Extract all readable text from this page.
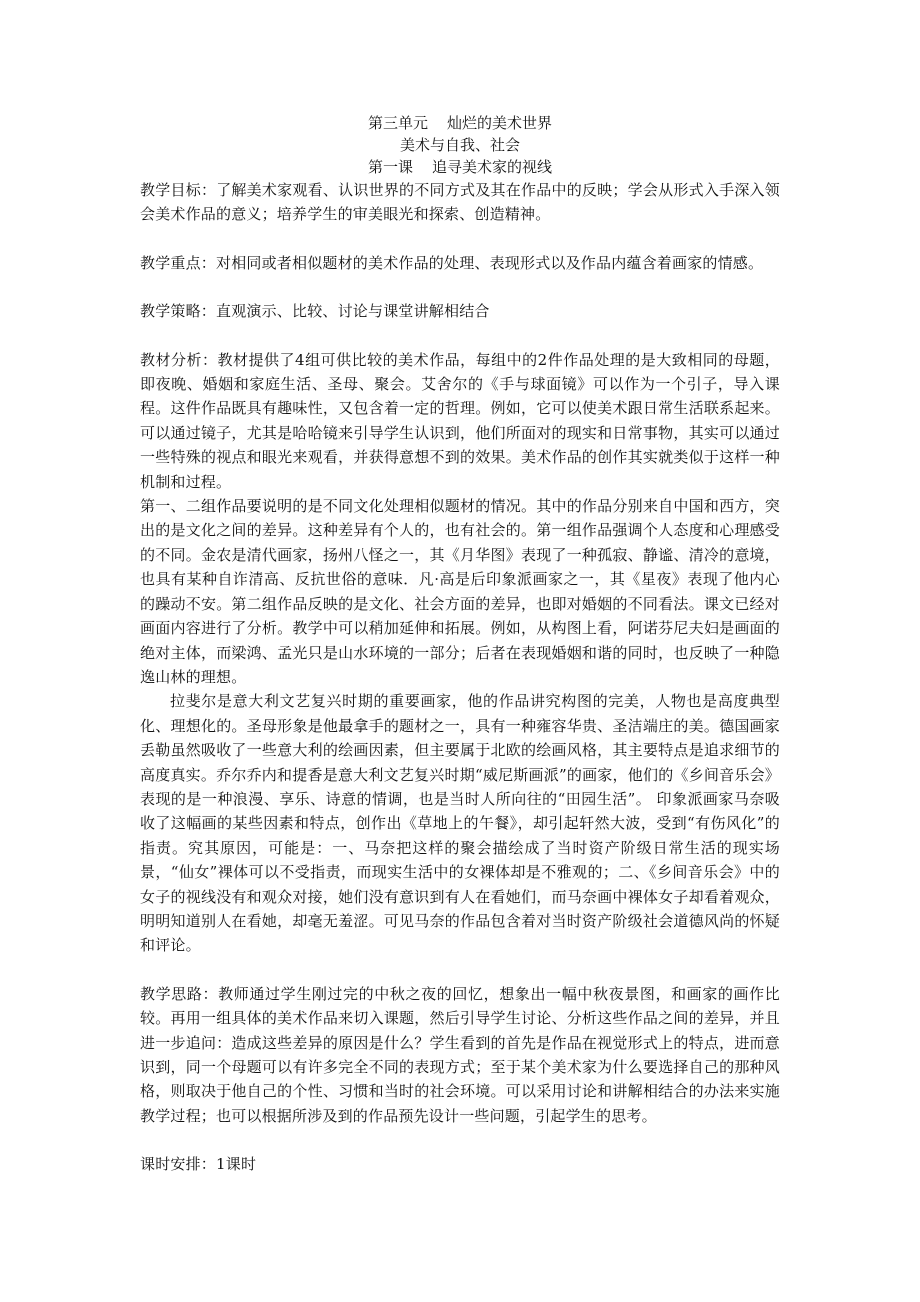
第三单元    灿烂的美术世界

美术与自我、社会

第一课    追寻美术家的视线

教学目标：了解美术家观看、认识世界的不同方式及其在作品中的反映；学会从形式入手深入领会美术作品的意义；培养学生的审美眼光和探索、创造精神。

教学重点：对相同或者相似题材的美术作品的处理、表现形式以及作品内蕴含着画家的情感。

教学策略：直观演示、比较、讨论与课堂讲解相结合

教材分析：教材提供了4组可供比较的美术作品，每组中的2件作品处理的是大致相同的母题，即夜晚、婚姻和家庭生活、圣母、聚会。艾舍尔的《手与球面镜》可以作为一个引子，导入课程。这件作品既具有趣味性，又包含着一定的哲理。例如，它可以使美术跟日常生活联系起来。可以通过镜子，尤其是哈哈镜来引导学生认识到，他们所面对的现实和日常事物，其实可以通过一些特殊的视点和眼光来观看，并获得意想不到的效果。美术作品的创作其实就类似于这样一种机制和过程。

第一、二组作品要说明的是不同文化处理相似题材的情况。其中的作品分别来自中国和西方，突出的是文化之间的差异。这种差异有个人的，也有社会的。第一组作品强调个人态度和心理感受的不同。金农是清代画家，扬州八怪之一，其《月华图》表现了一种孤寂、静谧、清冷的意境，也具有某种自诈清高、反抗世俗的意味．凡·高是后印象派画家之一，其《星夜》表现了他内心的躁动不安。第二组作品反映的是文化、社会方面的差异，也即对婚姻的不同看法。课文已经对画面内容进行了分析。教学中可以稍加延伸和拓展。例如，从构图上看，阿诺芬尼夫妇是画面的绝对主体，而梁鸿、孟光只是山水环境的一部分；后者在表现婚姻和谐的同时，也反映了一种隐逸山林的理想。

拉斐尔是意大利文艺复兴时期的重要画家，他的作品讲究构图的完美，人物也是高度典型化、理想化的。圣母形象是他最拿手的题材之一，具有一种雍容华贵、圣洁端庄的美。德国画家丢勒虽然吸收了一些意大利的绘画因素，但主要属于北欧的绘画风格，其主要特点是追求细节的高度真实。乔尔乔内和提香是意大利文艺复兴时期“威尼斯画派”的画家，他们的《乡间音乐会》表现的是一种浪漫、享乐、诗意的情调，也是当时人所向往的“田园生活”。 印象派画家马奈吸收了这幅画的某些因素和特点，创作出《草地上的午餐》，却引起轩然大波，受到“有伤风化”的指责。究其原因，可能是：一、马奈把这样的聚会描绘成了当时资产阶级日常生活的现实场景，“仙女”裸体可以不受指责，而现实生活中的女裸体却是不雅观的；二、《乡间音乐会》中的女子的视线没有和观众对接，她们没有意识到有人在看她们，而马奈画中裸体女子却看着观众，明明知道别人在看她，却毫无羞涩。可见马奈的作品包含着对当时资产阶级社会道德风尚的怀疑和评论。

教学思路：教师通过学生刚过完的中秋之夜的回忆，想象出一幅中秋夜景图，和画家的画作比较。再用一组具体的美术作品来切入课题，然后引导学生讨论、分析这些作品之间的差异，并且进一步追问：造成这些差异的原因是什么？学生看到的首先是作品在视觉形式上的特点，进而意识到，同一个母题可以有许多完全不同的表现方式；至于某个美术家为什么要选择自己的那种风格，则取决于他自己的个性、习惯和当时的社会环境。可以采用讨论和讲解相结合的办法来实施教学过程；也可以根据所涉及到的作品预先设计一些问题，引起学生的思考。

课时安排：1课时
